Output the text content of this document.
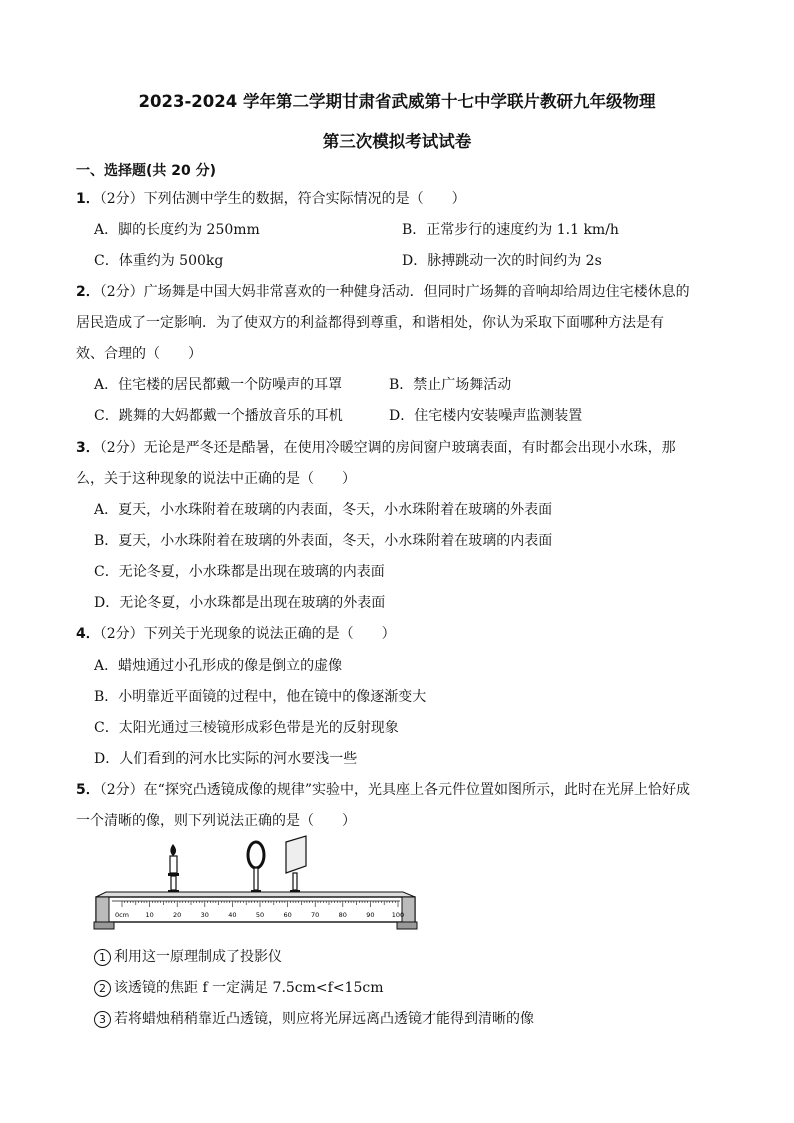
2023-2024 学年第二学期甘肃省武威第十七中学联片教研九年级物理
第三次模拟考试试卷
一、选择题(共 20 分)
1．（2分）下列估测中学生的数据，符合实际情况的是（　　）
A．脚的长度约为 250mm	B．正常步行的速度约为 1.1 km/h
C．体重约为 500kg	D．脉搏跳动一次的时间约为 2s
2．（2分）广场舞是中国大妈非常喜欢的一种健身活动．但同时广场舞的音响却给周边住宅楼休息的
居民造成了一定影响．为了使双方的利益都得到尊重，和谐相处，你认为采取下面哪种方法是有
效、合理的（　　）
A．住宅楼的居民都戴一个防噪声的耳罩	B．禁止广场舞活动
C．跳舞的大妈都戴一个播放音乐的耳机	D．住宅楼内安装噪声监测装置
3．（2分）无论是严冬还是酷暑，在使用冷暖空调的房间窗户玻璃表面，有时都会出现小水珠，那
么，关于这种现象的说法中正确的是（　　）
A．夏天，小水珠附着在玻璃的内表面，冬天，小水珠附着在玻璃的外表面
B．夏天，小水珠附着在玻璃的外表面，冬天，小水珠附着在玻璃的内表面
C．无论冬夏，小水珠都是出现在玻璃的内表面
D．无论冬夏，小水珠都是出现在玻璃的外表面
4．（2分）下列关于光现象的说法正确的是（　　）
A．蜡烛通过小孔形成的像是倒立的虚像
B．小明靠近平面镜的过程中，他在镜中的像逐渐变大
C．太阳光通过三棱镜形成彩色带是光的反射现象
D．人们看到的河水比实际的河水要浅一些
5．（2分）在“探究凸透镜成像的规律”实验中，光具座上各元件位置如图所示，此时在光屏上恰好成
一个清晰的像，则下列说法正确的是（　　）
0cm	10	20	30	40	50	60	70	80	90	100
1 利用这一原理制成了投影仪
2 该透镜的焦距 f 一定满足 7.5cm<f<15cm
3 若将蜡烛稍稍靠近凸透镜，则应将光屏远离凸透镜才能得到清晰的像
